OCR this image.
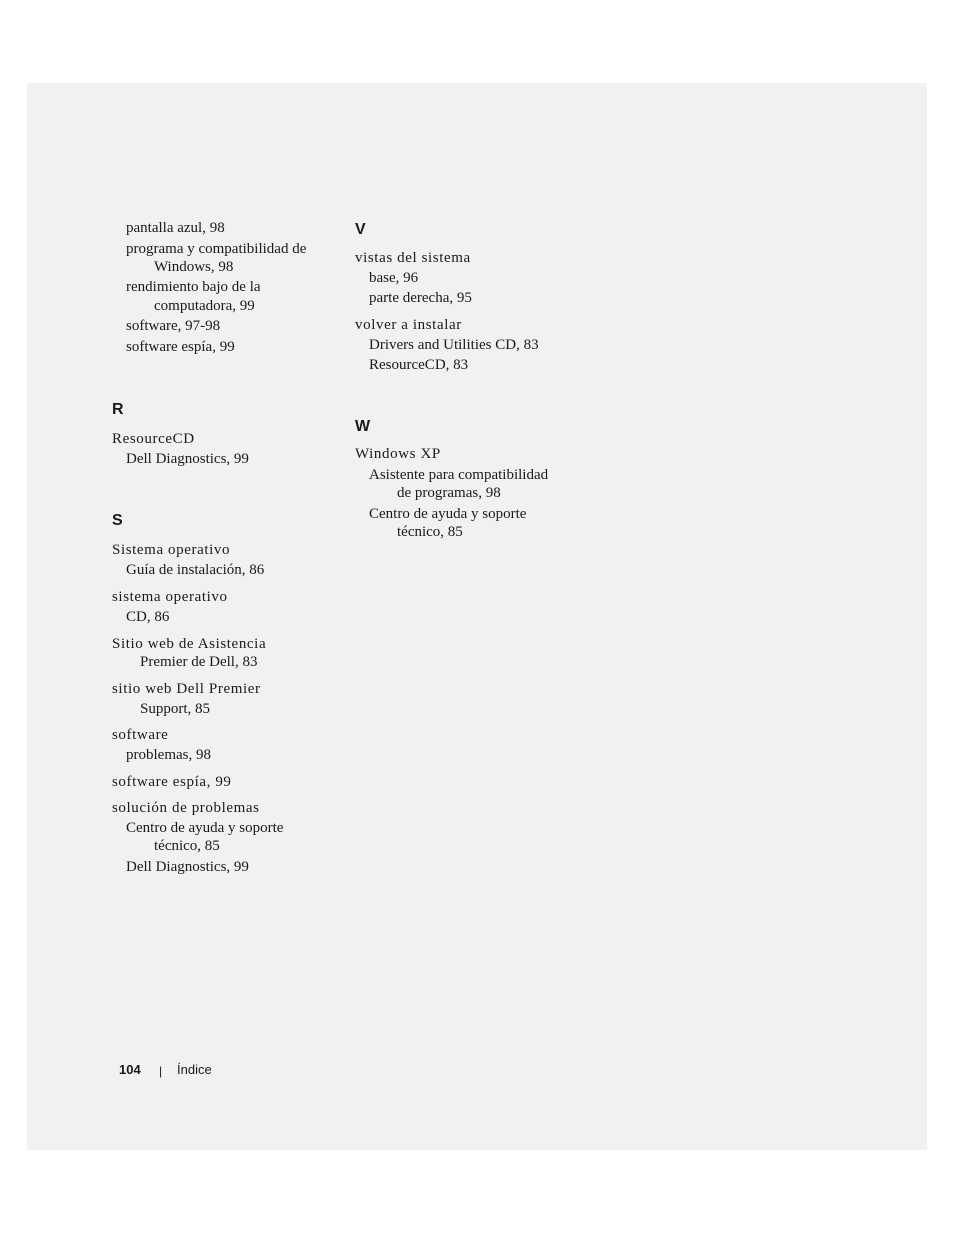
pantalla azul, 98
programa y compatibilidad de
Windows, 98
rendimiento bajo de la
computadora, 99
software, 97-98
software espía, 99
R
ResourceCD
Dell Diagnostics, 99
S
Sistema operativo
Guía de instalación, 86
sistema operativo
CD, 86
Sitio web de Asistencia
Premier de Dell, 83
sitio web Dell Premier
Support, 85
software
problemas, 98
software espía, 99
solución de problemas
Centro de ayuda y soporte
técnico, 85
Dell Diagnostics, 99
V
vistas del sistema
base, 96
parte derecha, 95
volver a instalar
Drivers and Utilities CD, 83
ResourceCD, 83
W
Windows XP
Asistente para compatibilidad
de programas, 98
Centro de ayuda y soporte
técnico, 85
104 | Índice
